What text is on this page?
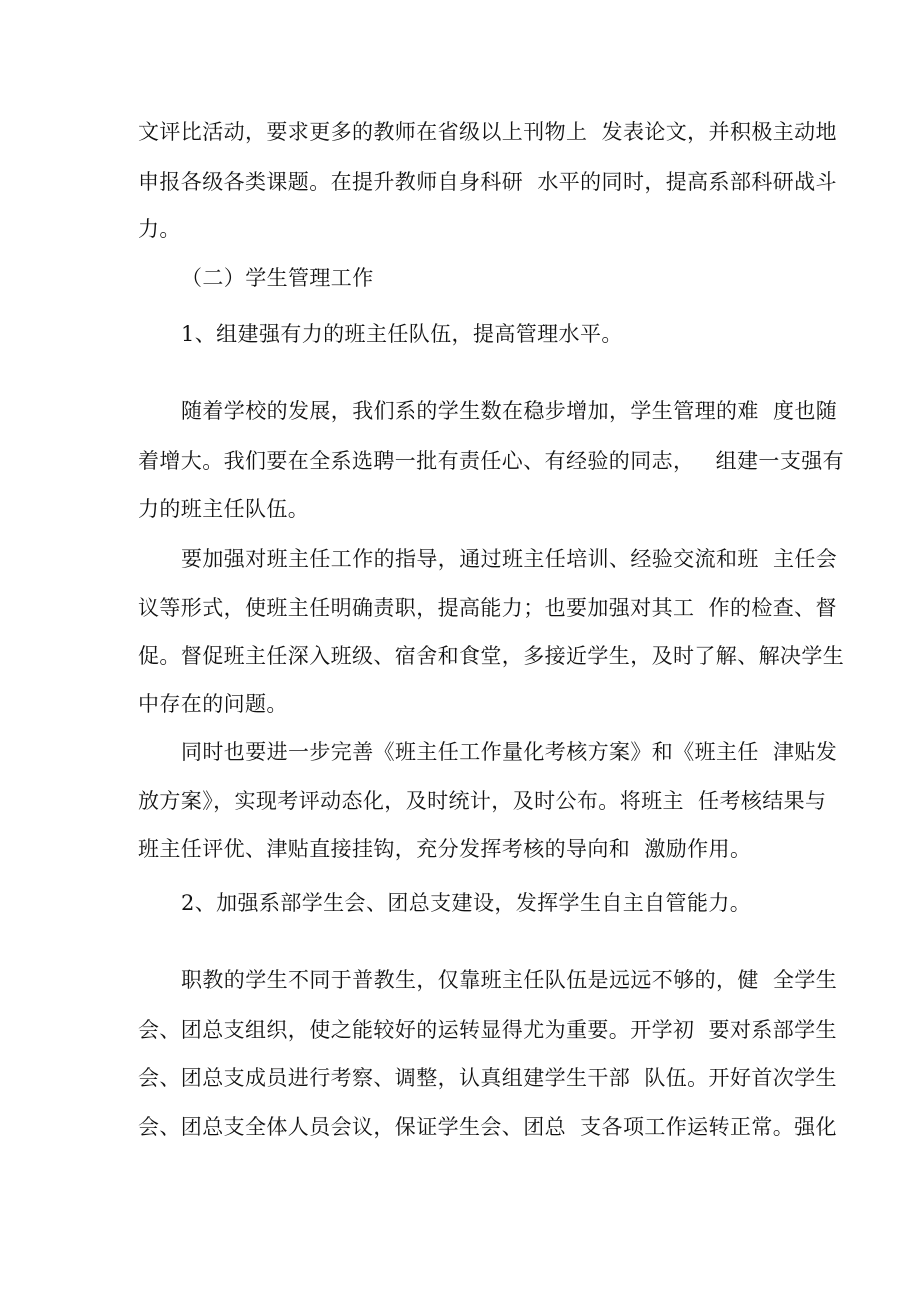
文评比活动，要求更多的教师在省级以上刊物上  发表论文，并积极主动地
申报各级各类课题。在提升教师自身科研  水平的同时，提高系部科研战斗
力。
（二）学生管理工作
1、组建强有力的班主任队伍，提高管理水平。
随着学校的发展，我们系的学生数在稳步增加，学生管理的难  度也随
着增大。我们要在全系选聘一批有责任心、有经验的同志，   组建一支强有
力的班主任队伍。
要加强对班主任工作的指导，通过班主任培训、经验交流和班  主任会
议等形式，使班主任明确责职，提高能力；也要加强对其工  作的检查、督
促。督促班主任深入班级、宿舍和食堂，多接近学生，及时了解、解决学生
中存在的问题。
同时也要进一步完善《班主任工作量化考核方案》和《班主任  津贴发
放方案》，实现考评动态化，及时统计，及时公布。将班主  任考核结果与
班主任评优、津贴直接挂钩，充分发挥考核的导向和  激励作用。
2、加强系部学生会、团总支建设，发挥学生自主自管能力。
职教的学生不同于普教生，仅靠班主任队伍是远远不够的，健  全学生
会、团总支组织，使之能较好的运转显得尤为重要。开学初  要对系部学生
会、团总支成员进行考察、调整，认真组建学生干部  队伍。开好首次学生
会、团总支全体人员会议，保证学生会、团总  支各项工作运转正常。强化
